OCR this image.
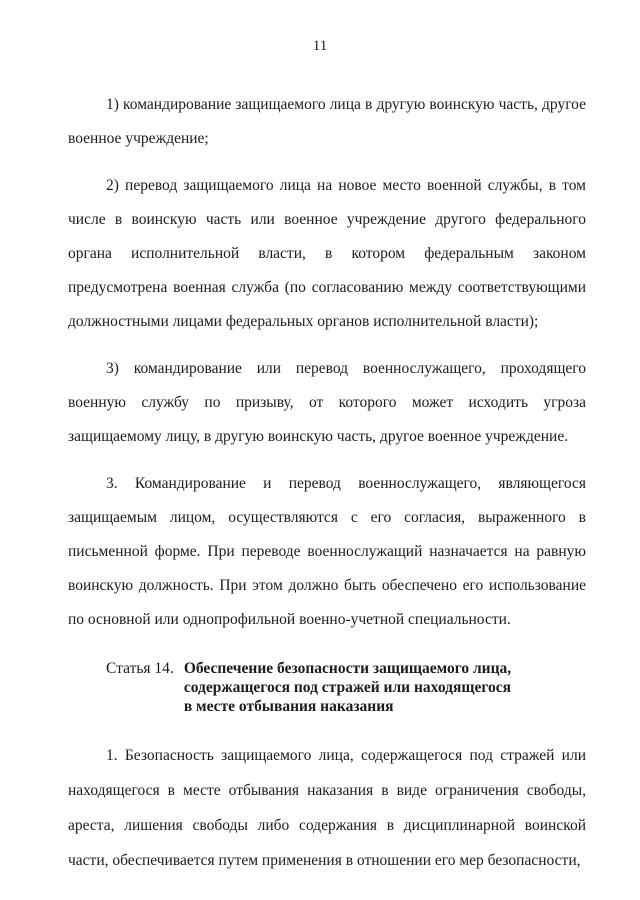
11

1) командирование защищаемого лица в другую воинскую часть, другое военное учреждение;

2) перевод защищаемого лица на новое место военной службы, в том числе в воинскую часть или военное учреждение другого федерального органа исполнительной власти, в котором федеральным законом предусмотрена военная служба (по согласованию между соответствующими должностными лицами федеральных органов исполнительной власти);

3) командирование или перевод военнослужащего, проходящего военную службу по призыву, от которого может исходить угроза защищаемому лицу, в другую воинскую часть, другое военное учреждение.

3. Командирование и перевод военнослужащего, являющегося защищаемым лицом, осуществляются с его согласия, выраженного в письменной форме. При переводе военнослужащий назначается на равную воинскую должность. При этом должно быть обеспечено его использование по основной или однопрофильной военно-учетной специальности.

Статья 14. Обеспечение безопасности защищаемого лица,
содержащегося под стражей или находящегося
в месте отбывания наказания

1. Безопасность защищаемого лица, содержащегося под стражей или находящегося в месте отбывания наказания в виде ограничения свободы, ареста, лишения свободы либо содержания в дисциплинарной воинской части, обеспечивается путем применения в отношении его мер безопасности,
